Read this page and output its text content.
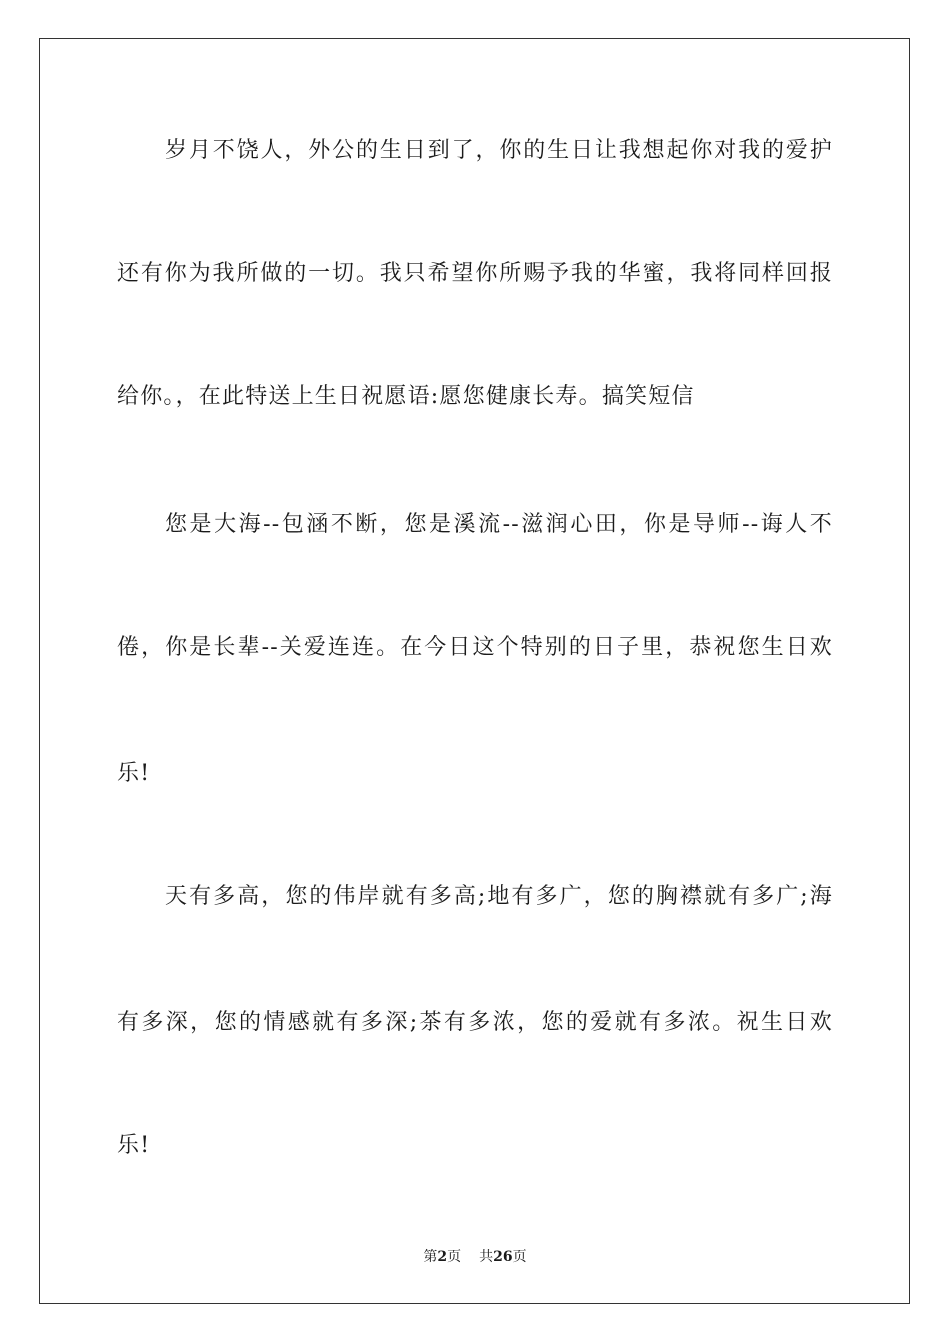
岁月不饶人，外公的生日到了，你的生日让我想起你对我的爱护
还有你为我所做的一切。我只希望你所赐予我的华蜜，我将同样回报
给你。，在此特送上生日祝愿语:愿您健康长寿。搞笑短信
您是大海--包涵不断，您是溪流--滋润心田，你是导师--诲人不
倦，你是长辈--关爱连连。在今日这个特别的日子里，恭祝您生日欢
乐!
天有多高，您的伟岸就有多高;地有多广，您的胸襟就有多广;海
有多深，您的情感就有多深;茶有多浓，您的爱就有多浓。祝生日欢
乐!
第2页 共26页
